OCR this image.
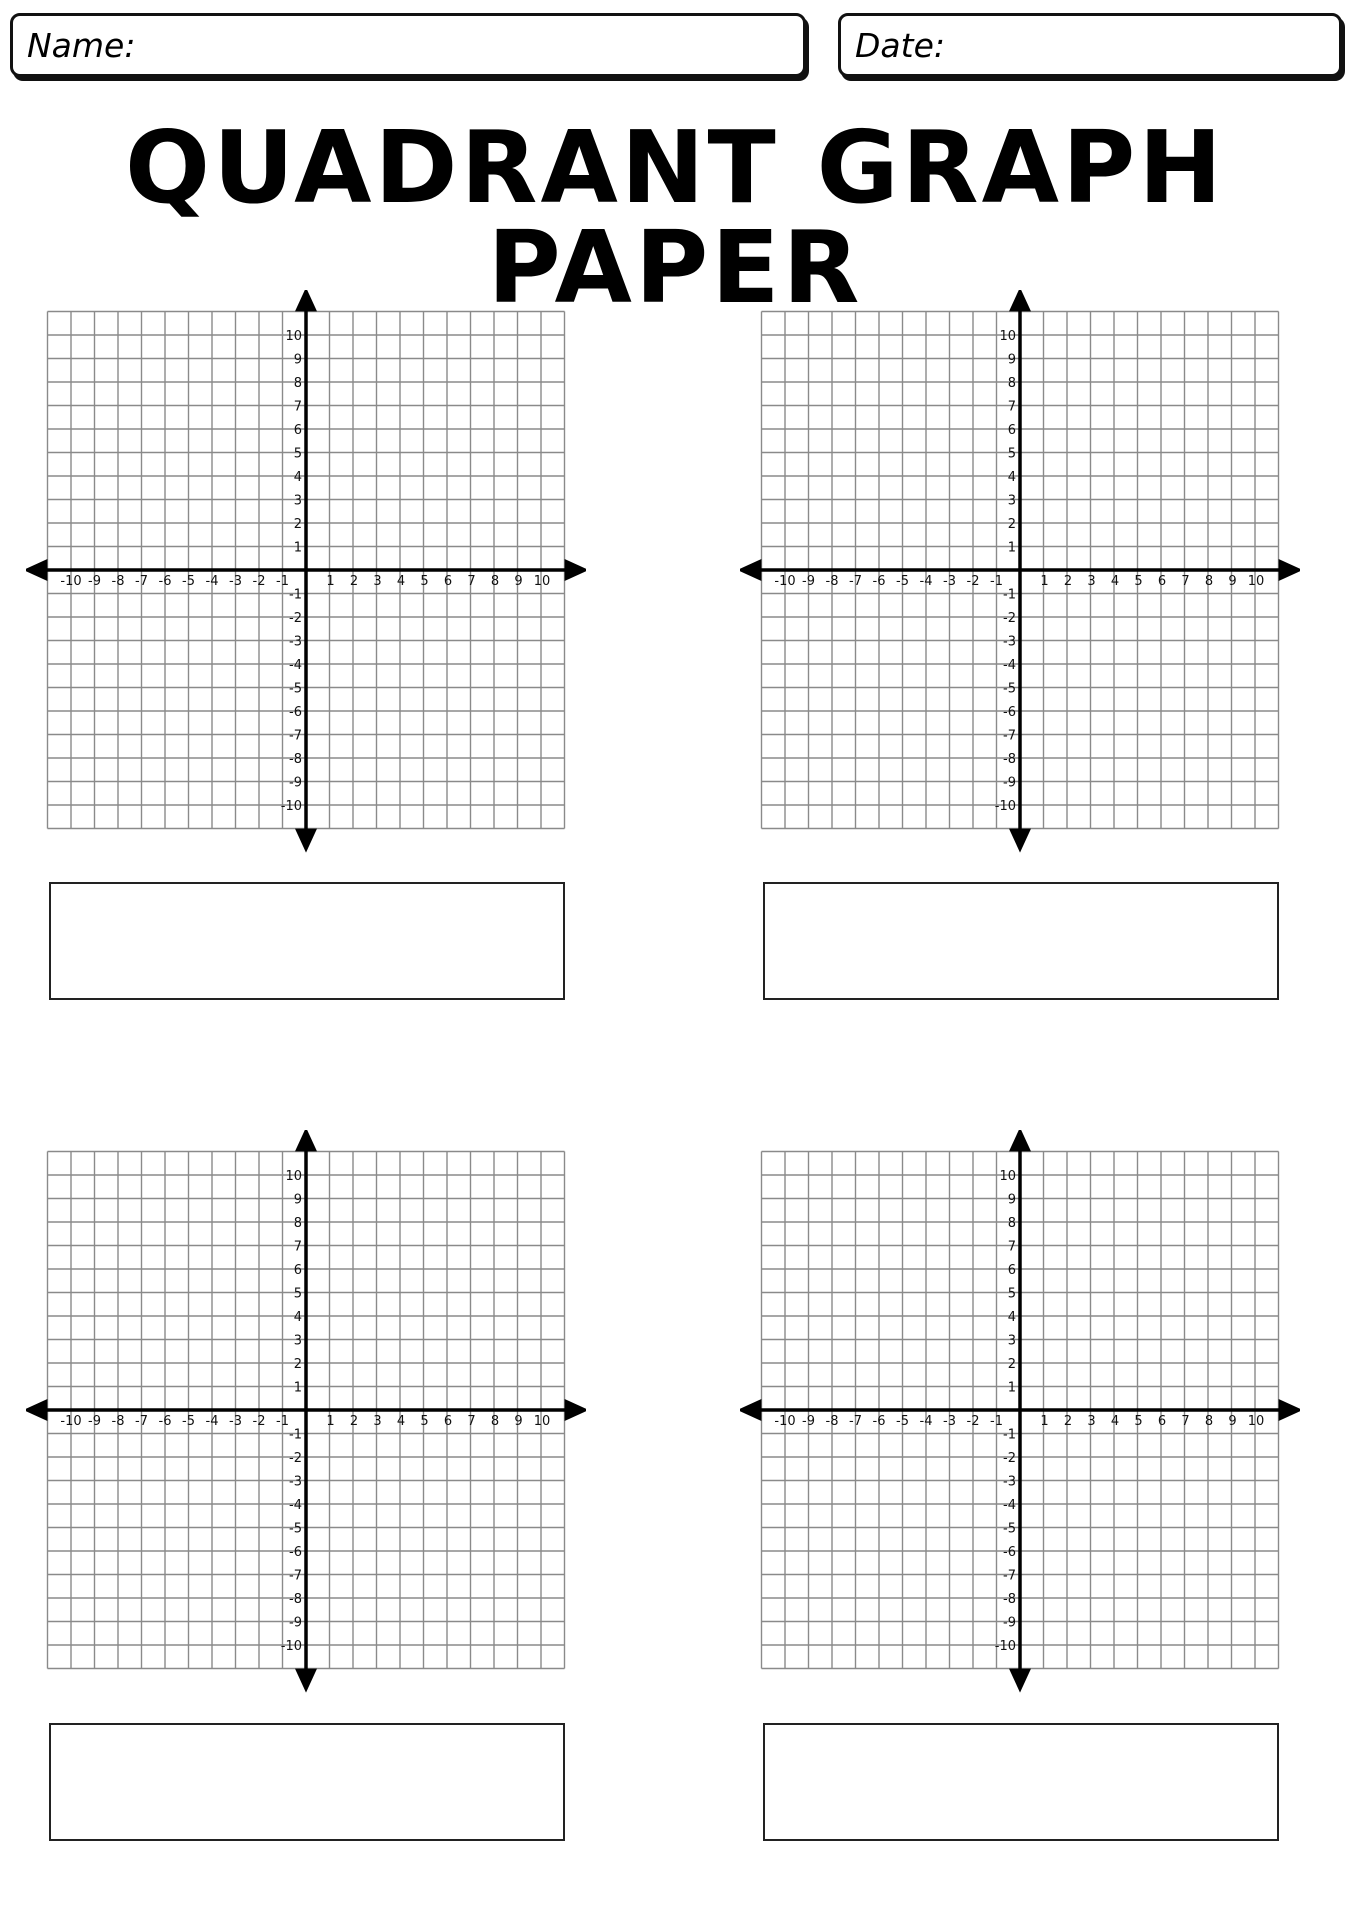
Name:	Date:
QUADRANT GRAPH PAPER
-10 -9 -8 -7 -6 -5 -4 -3 -2 -1	1 2 3 4 5 6 7 8 9 10
10
9
8
7
6
5
4
3
2
1
-1
-2
-3
-4
-5
-6
-7
-8
-9
-10
-10 -9 -8 -7 -6 -5 -4 -3 -2 -1	1 2 3 4 5 6 7 8 9 10
10
9
8
7
6
5
4
3
2
1
-1
-2
-3
-4
-5
-6
-7
-8
-9
-10
-10 -9 -8 -7 -6 -5 -4 -3 -2 -1	1 2 3 4 5 6 7 8 9 10
10
9
8
7
6
5
4
3
2
1
-1
-2
-3
-4
-5
-6
-7
-8
-9
-10
-10 -9 -8 -7 -6 -5 -4 -3 -2 -1	1 2 3 4 5 6 7 8 9 10
10
9
8
7
6
5
4
3
2
1
-1
-2
-3
-4
-5
-6
-7
-8
-9
-10
